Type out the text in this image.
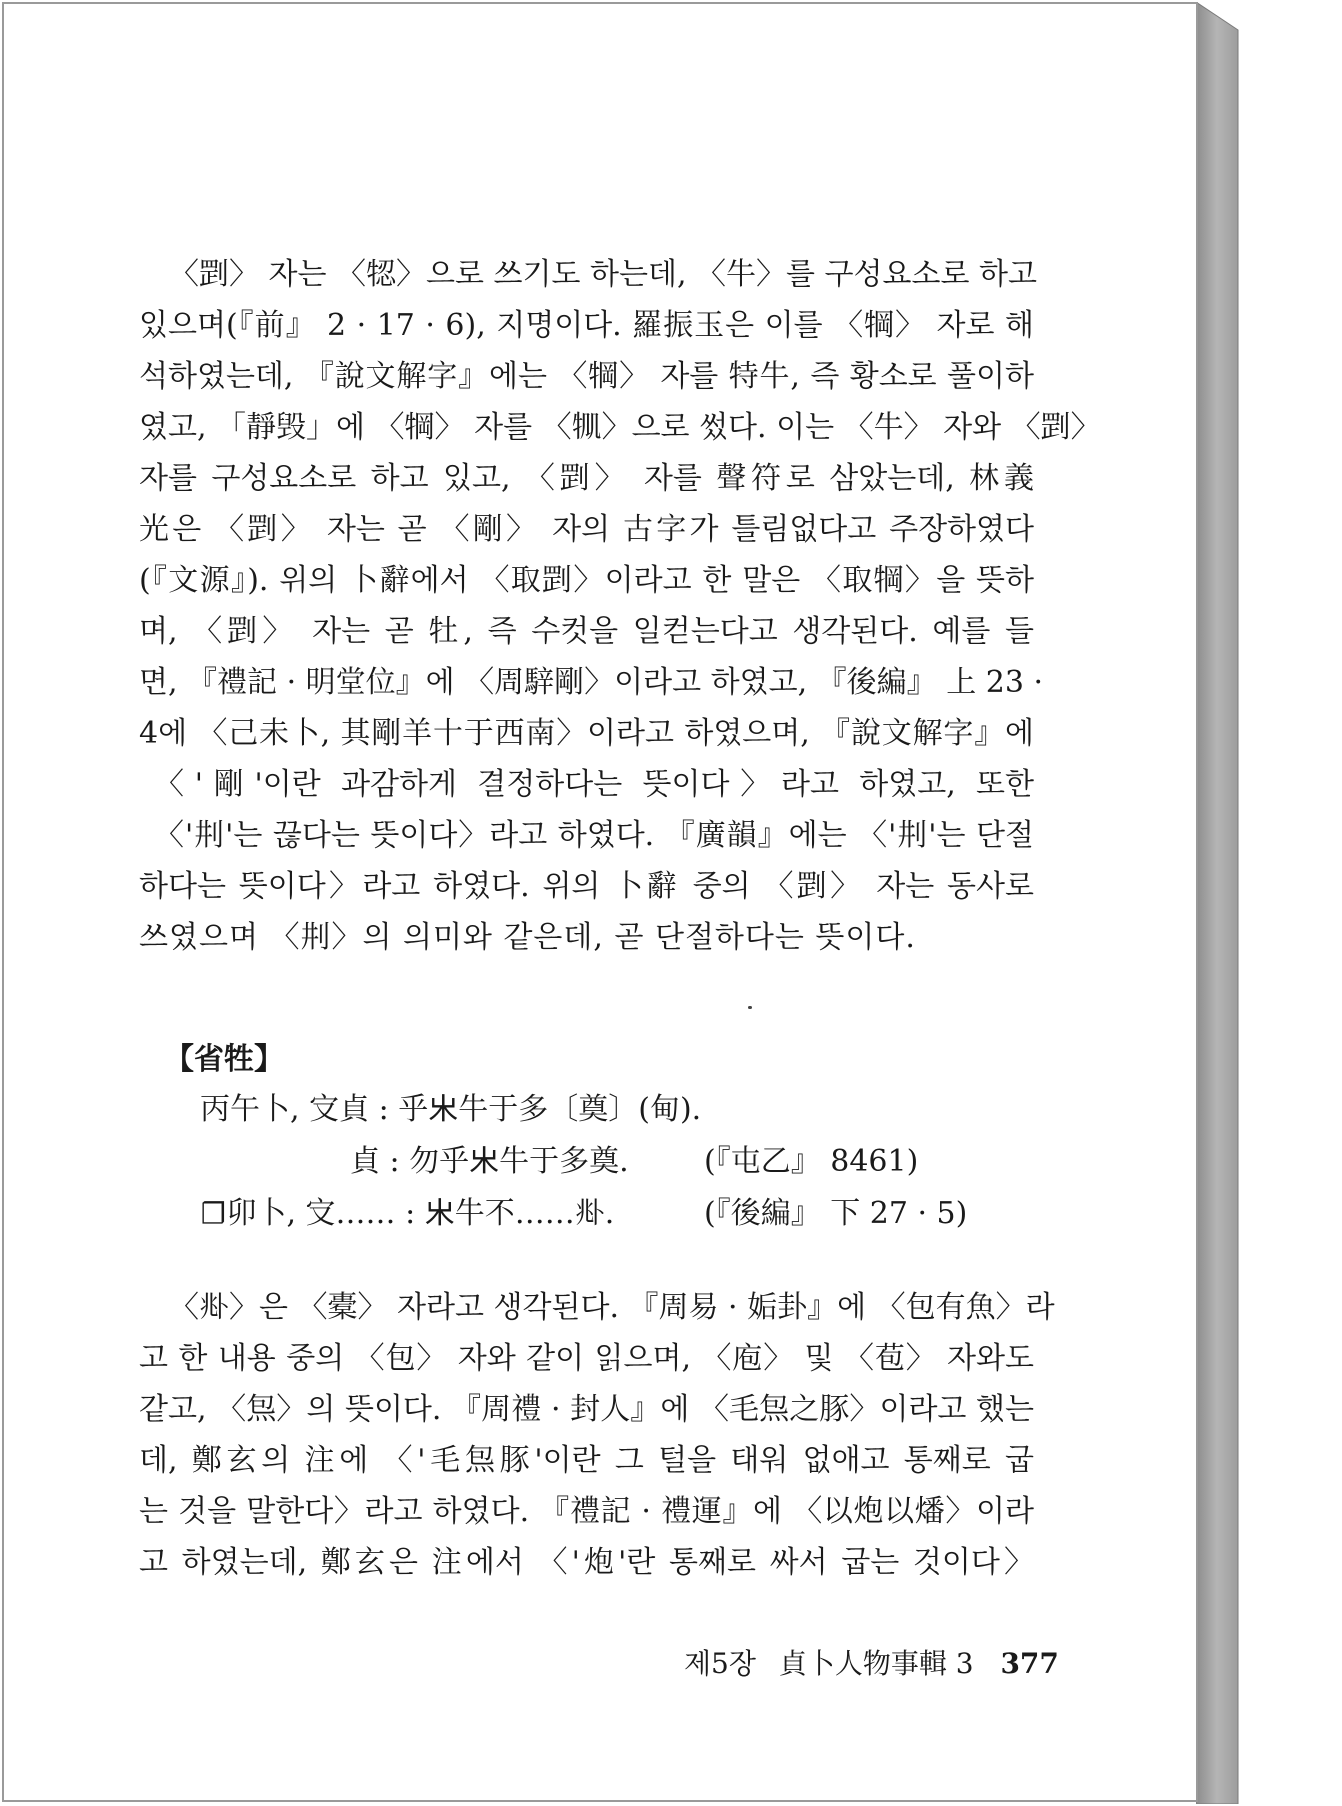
〈㓻〉 자는 〈㸾〉으로 쓰기도 하는데, 〈牛〉를 구성요소로 하고
있으며(『前』 2 · 17 · 6), 지명이다. 羅振玉은 이를 〈犅〉 자로 해
석하였는데, 『說文解字』에는 〈犅〉 자를 特牛, 즉 황소로 풀이하
였고, 「靜毁」에 〈犅〉 자를 〈𤘷〉으로 썼다. 이는 〈牛〉 자와 〈㓻〉
자를 구성요소로 하고 있고, 〈㓻〉 자를 聲符로 삼았는데, 林義
光은 〈㓻〉 자는 곧 〈剛〉 자의 古字가 틀림없다고 주장하였다
(『文源』). 위의 卜辭에서 〈取㓻〉이라고 한 말은 〈取犅〉을 뜻하
며, 〈㓻〉 자는 곧 牡, 즉 수컷을 일컫는다고 생각된다. 예를 들
면, 『禮記 · 明堂位』에 〈周騂剛〉이라고 하였고, 『後編』 上 23 ·
4에 〈己未卜, 其剛羊十于西南〉이라고 하였으며, 『說文解字』에
〈'剛'이란 과감하게 결정하다는 뜻이다〉라고 하였고, 또한
〈'㓝'는 끊다는 뜻이다〉라고 하였다. 『廣韻』에는 〈'㓝'는 단절
하다는 뜻이다〉라고 하였다. 위의 卜辭 중의 〈㓻〉 자는 동사로
쓰였으며 〈㓝〉의 의미와 같은데, 곧 단절하다는 뜻이다.
【省牲】
丙午卜, 㝊貞 : 乎𣎵牛于多〔奠〕(甸).
貞 : 勿乎𣎵牛于多奠.	(『屯乙』 8461)
☐卯卜, 㝊…… : 𣎵牛不……𠧞.	(『後編』 下 27 · 5)
〈𠧞〉은 〈橐〉 자라고 생각된다. 『周易 · 姤卦』에 〈包有魚〉라
고 한 내용 중의 〈包〉 자와 같이 읽으며, 〈庖〉 및 〈苞〉 자와도
같고, 〈炰〉의 뜻이다. 『周禮 · 封人』에 〈毛炰之豚〉이라고 했는
데, 鄭玄의 注에 〈'毛炰豚'이란 그 털을 태워 없애고 통째로 굽
는 것을 말한다〉라고 하였다. 『禮記 · 禮運』에 〈以炮以燔〉이라
고 하였는데, 鄭玄은 注에서 〈'炮'란 통째로 싸서 굽는 것이다〉
제5장 貞卜人物事輯 3 377
